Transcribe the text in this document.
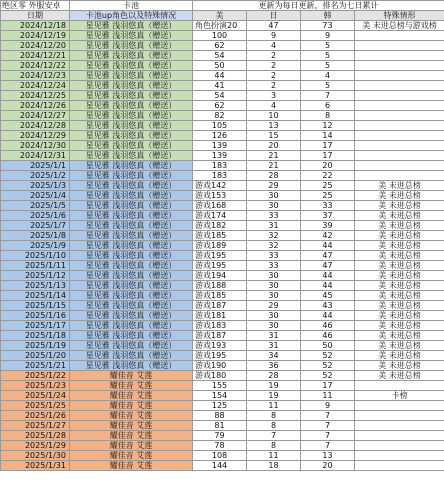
绝区零 外服安卓	卡池	更新为每日更新，排名为七日累计			
日期	卡池up角色以及特殊情况	美	日	韩	特殊情形
2024/12/18	星见雅 浅羽悠真（赠送）	角色扮演20	47	73	美 未进总榜与游戏榜
2024/12/19	星见雅 浅羽悠真（赠送）	100	9	9	
2024/12/20	星见雅 浅羽悠真（赠送）	62	4	5	
2024/12/21	星见雅 浅羽悠真（赠送）	54	2	5	
2024/12/22	星见雅 浅羽悠真（赠送）	50	2	5	
2024/12/23	星见雅 浅羽悠真（赠送）	44	2	4	
2024/12/24	星见雅 浅羽悠真（赠送）	41	2	5	
2024/12/25	星见雅 浅羽悠真（赠送）	54	3	7	
2024/12/26	星见雅 浅羽悠真（赠送）	62	4	6	
2024/12/27	星见雅 浅羽悠真（赠送）	82	10	8	
2024/12/28	星见雅 浅羽悠真（赠送）	105	13	12	
2024/12/29	星见雅 浅羽悠真（赠送）	126	15	14	
2024/12/30	星见雅 浅羽悠真（赠送）	139	20	17	
2024/12/31	星见雅 浅羽悠真（赠送）	139	21	17	
2025/1/1	星见雅 浅羽悠真（赠送）	183	21	20	
2025/1/2	星见雅 浅羽悠真（赠送）	183	28	22	
2025/1/3	星见雅 浅羽悠真（赠送）	游戏142	29	25	美 未进总榜
2025/1/4	星见雅 浅羽悠真（赠送）	游戏153	30	25	美 未进总榜
2025/1/5	星见雅 浅羽悠真（赠送）	游戏168	30	33	美 未进总榜
2025/1/6	星见雅 浅羽悠真（赠送）	游戏174	33	37	美 未进总榜
2025/1/7	星见雅 浅羽悠真（赠送）	游戏182	31	39	美 未进总榜
2025/1/8	星见雅 浅羽悠真（赠送）	游戏185	32	42	美 未进总榜
2025/1/9	星见雅 浅羽悠真（赠送）	游戏189	32	44	美 未进总榜
2025/1/10	星见雅 浅羽悠真（赠送）	游戏195	33	47	美 未进总榜
2025/1/11	星见雅 浅羽悠真（赠送）	游戏195	33	47	美 未进总榜
2025/1/12	星见雅 浅羽悠真（赠送）	游戏194	30	44	美 未进总榜
2025/1/13	星见雅 浅羽悠真（赠送）	游戏188	30	44	美 未进总榜
2025/1/14	星见雅 浅羽悠真（赠送）	游戏185	30	45	美 未进总榜
2025/1/15	星见雅 浅羽悠真（赠送）	游戏187	29	43	美 未进总榜
2025/1/16	星见雅 浅羽悠真（赠送）	游戏181	30	44	美 未进总榜
2025/1/17	星见雅 浅羽悠真（赠送）	游戏183	30	46	美 未进总榜
2025/1/18	星见雅 浅羽悠真（赠送）	游戏187	31	46	美 未进总榜
2025/1/19	星见雅 浅羽悠真（赠送）	游戏193	31	50	美 未进总榜
2025/1/20	星见雅 浅羽悠真（赠送）	游戏195	34	52	美 未进总榜
2025/1/21	星见雅 浅羽悠真（赠送）	游戏190	36	52	美 未进总榜
2025/1/22	耀佳音 艾莲	游戏180	28	52	美 未进总榜
2025/1/23	耀佳音 艾莲	155	19	17	
2025/1/24	耀佳音 艾莲	154	19	11	卡榜
2025/1/25	耀佳音 艾莲	125	11	9	
2025/1/26	耀佳音 艾莲	88	8	7	
2025/1/27	耀佳音 艾莲	81	8	7	
2025/1/28	耀佳音 艾莲	79	7	7	
2025/1/29	耀佳音 艾莲	78	8	7	
2025/1/30	耀佳音 艾莲	108	11	13	
2025/1/31	耀佳音 艾莲	144	18	20	
